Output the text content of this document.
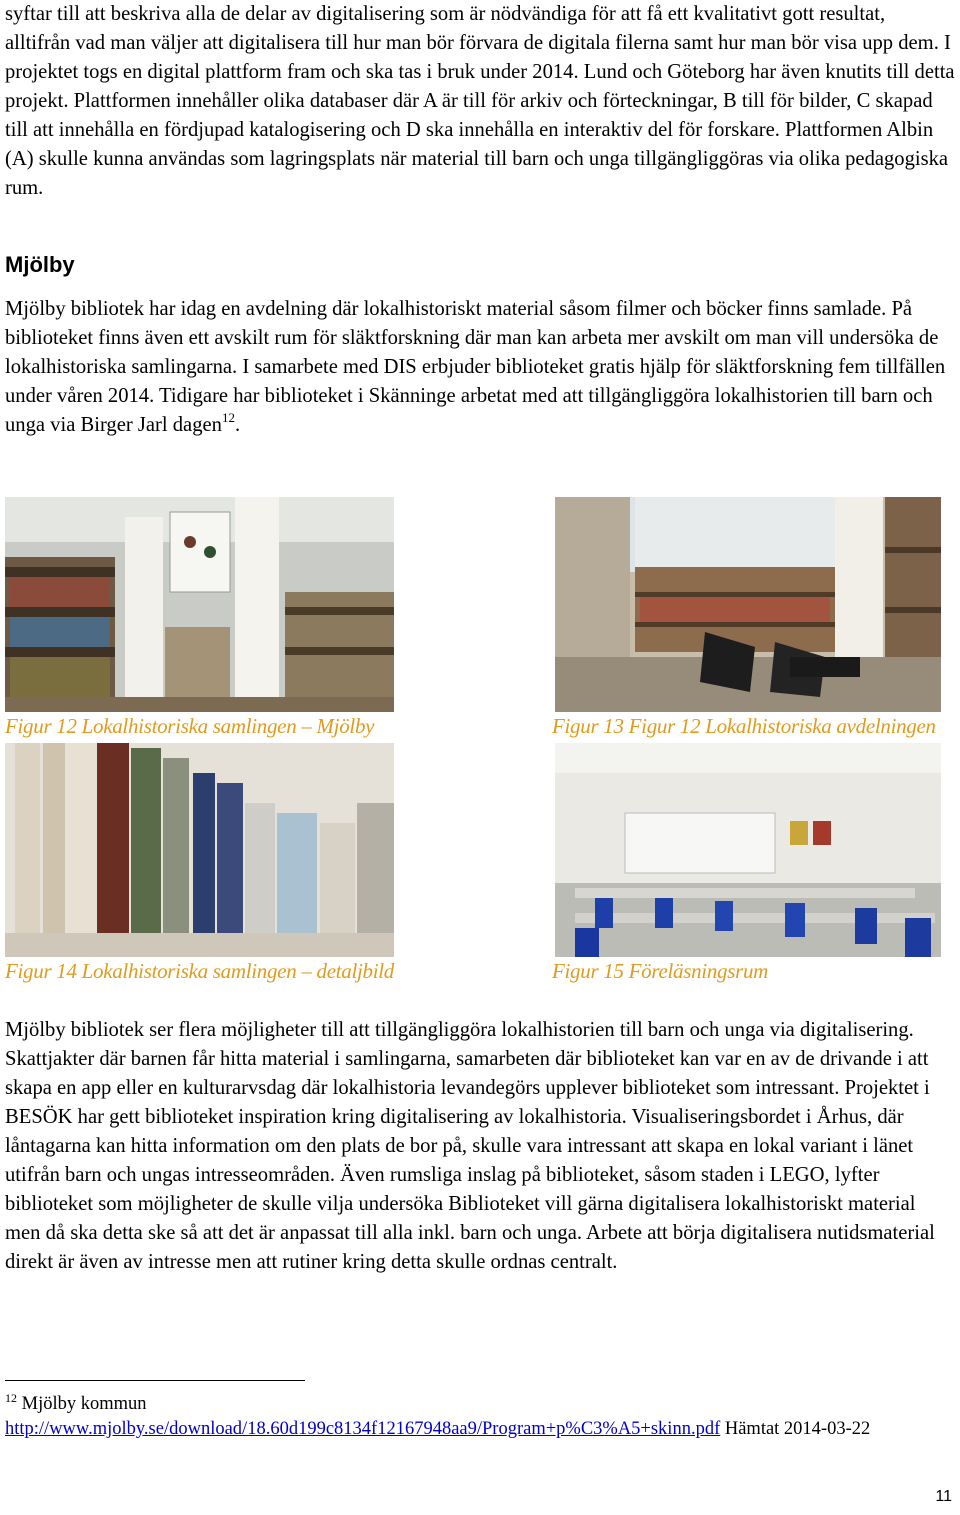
syftar till att beskriva alla de delar av digitalisering som är nödvändiga för att få ett kvalitativt gott resultat, alltifrån vad man väljer att digitalisera till hur man bör förvara de digitala filerna samt hur man bör visa upp dem. I projektet togs en digital plattform fram och ska tas i bruk under 2014. Lund och Göteborg har även knutits till detta projekt. Plattformen innehåller olika databaser där A är till för arkiv och förteckningar, B till för bilder, C skapad till att innehålla en fördjupad katalogisering och D ska innehålla en interaktiv del för forskare. Plattformen Albin (A) skulle kunna användas som lagringsplats när material till barn och unga tillgängliggöras via olika pedagogiska rum.

Mjölby

Mjölby bibliotek har idag en avdelning där lokalhistoriskt material såsom filmer och böcker finns samlade. På biblioteket finns även ett avskilt rum för släktforskning där man kan arbeta mer avskilt om man vill undersöka de lokalhistoriska samlingarna. I samarbete med DIS erbjuder biblioteket gratis hjälp för släktforskning fem tillfällen under våren 2014. Tidigare har biblioteket i Skänninge arbetat med att tillgängliggöra lokalhistorien till barn och unga via Birger Jarl dagen$^{12}$.

Mjölby bibliotek ser flera möjligheter till att tillgängliggöra lokalhistorien till barn och unga via digitalisering. Skattjakter där barnen får hitta material i samlingarna, samarbeten där biblioteket kan var en av de drivande i att skapa en app eller en kulturarvsdag där lokalhistoria levandegörs upplever biblioteket som intressant. Projektet i BESÖK har gett biblioteket inspiration kring digitalisering av lokalhistoria. Visualiseringsbordet i Århus, där låntagarna kan hitta information om den plats de bor på, skulle vara intressant att skapa en lokal variant i länet utifrån barn och ungas intresseområden. Även rumsliga inslag på biblioteket, såsom staden i LEGO, lyfter biblioteket som möjligheter de skulle vilja undersöka Biblioteket vill gärna digitalisera lokalhistoriskt material men då ska detta ske så att det är anpassat till alla inkl. barn och unga. Arbete att börja digitalisera nutidsmaterial direkt är även av intresse men att rutiner kring detta skulle ordnas centralt.

Figur 12 Lokalhistoriska samlingen – Mjölby	Figur 13 Figur 12 Lokalhistoriska avdelningen
Figur 14 Lokalhistoriska samlingen – detaljbild	Figur 15 Föreläsningsrum

$^{12}$ Mjölby kommun
http://www.mjolby.se/download/18.60d199c8134f12167948aa9/Program+p%C3%A5+skinn.pdf Hämtat 2014-03-22

11
